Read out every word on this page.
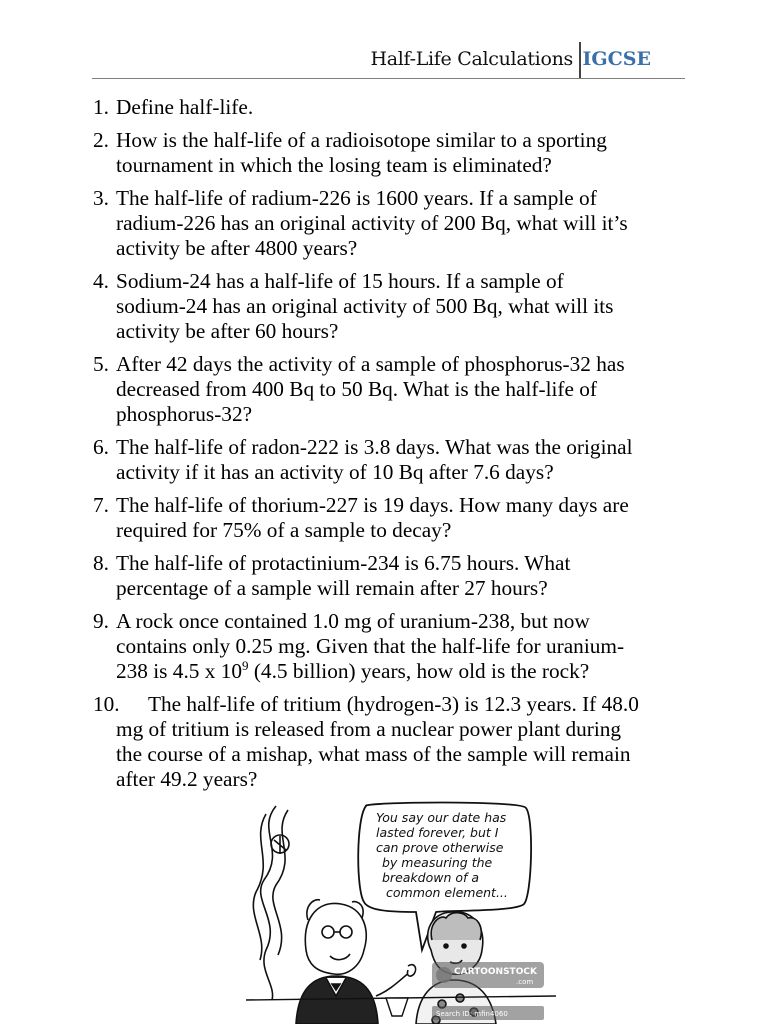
Half-Life Calculations IGCSE
1. Define half-life.
2. How is the half-life of a radioisotope similar to a sporting
tournament in which the losing team is eliminated?
3. The half-life of radium-226 is 1600 years. If a sample of
radium-226 has an original activity of 200 Bq, what will it’s
activity be after 4800 years?
4. Sodium-24 has a half-life of 15 hours. If a sample of
sodium-24 has an original activity of 500 Bq, what will its
activity be after 60 hours?
5. After 42 days the activity of a sample of phosphorus-32 has
decreased from 400 Bq to 50 Bq. What is the half-life of
phosphorus-32?
6. The half-life of radon-222 is 3.8 days. What was the original
activity if it has an activity of 10 Bq after 7.6 days?
7. The half-life of thorium-227 is 19 days. How many days are
required for 75% of a sample to decay?
8. The half-life of protactinium-234 is 6.75 hours. What
percentage of a sample will remain after 27 hours?
9. A rock once contained 1.0 mg of uranium-238, but now
contains only 0.25 mg. Given that the half-life for uranium-
238 is 4.5 x $10^9$ (4.5 billion) years, how old is the rock?
10. The half-life of tritium (hydrogen-3) is 12.3 years. If 48.0
mg of tritium is released from a nuclear power plant during
the course of a mishap, what mass of the sample will remain
after 49.2 years?
You say our date has lasted forever, but I can prove otherwise by measuring the breakdown of a common element...
CARTOONSTOCK
.com
Search ID: mfin4060
